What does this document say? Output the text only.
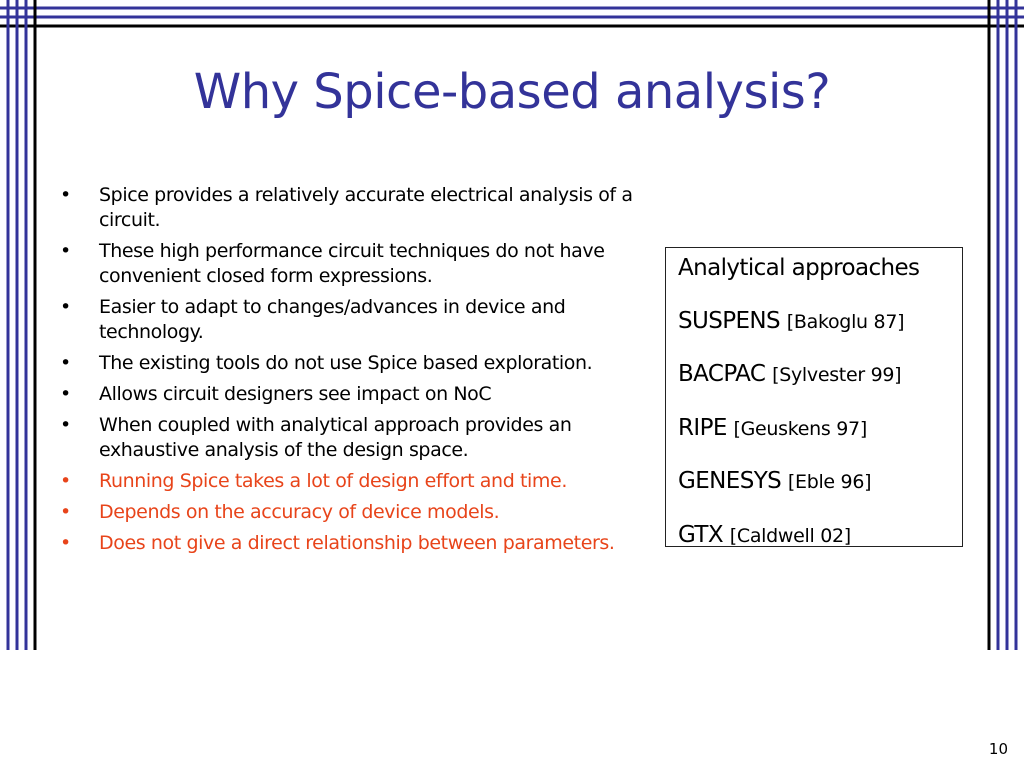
Why Spice-based analysis?
• Spice provides a relatively accurate electrical analysis of a circuit.
• These high performance circuit techniques do not have convenient closed form expressions.
• Easier to adapt to changes/advances in device and technology.
• The existing tools do not use Spice based exploration.
• Allows circuit designers see impact on NoC
• When coupled with analytical approach provides an exhaustive analysis of the design space.
• Running Spice takes a lot of design effort and time.
• Depends on the accuracy of device models.
• Does not give a direct relationship between parameters.
Analytical approaches
SUSPENS [Bakoglu 87]
BACPAC [Sylvester 99]
RIPE [Geuskens 97]
GENESYS [Eble 96]
GTX [Caldwell 02]
10
